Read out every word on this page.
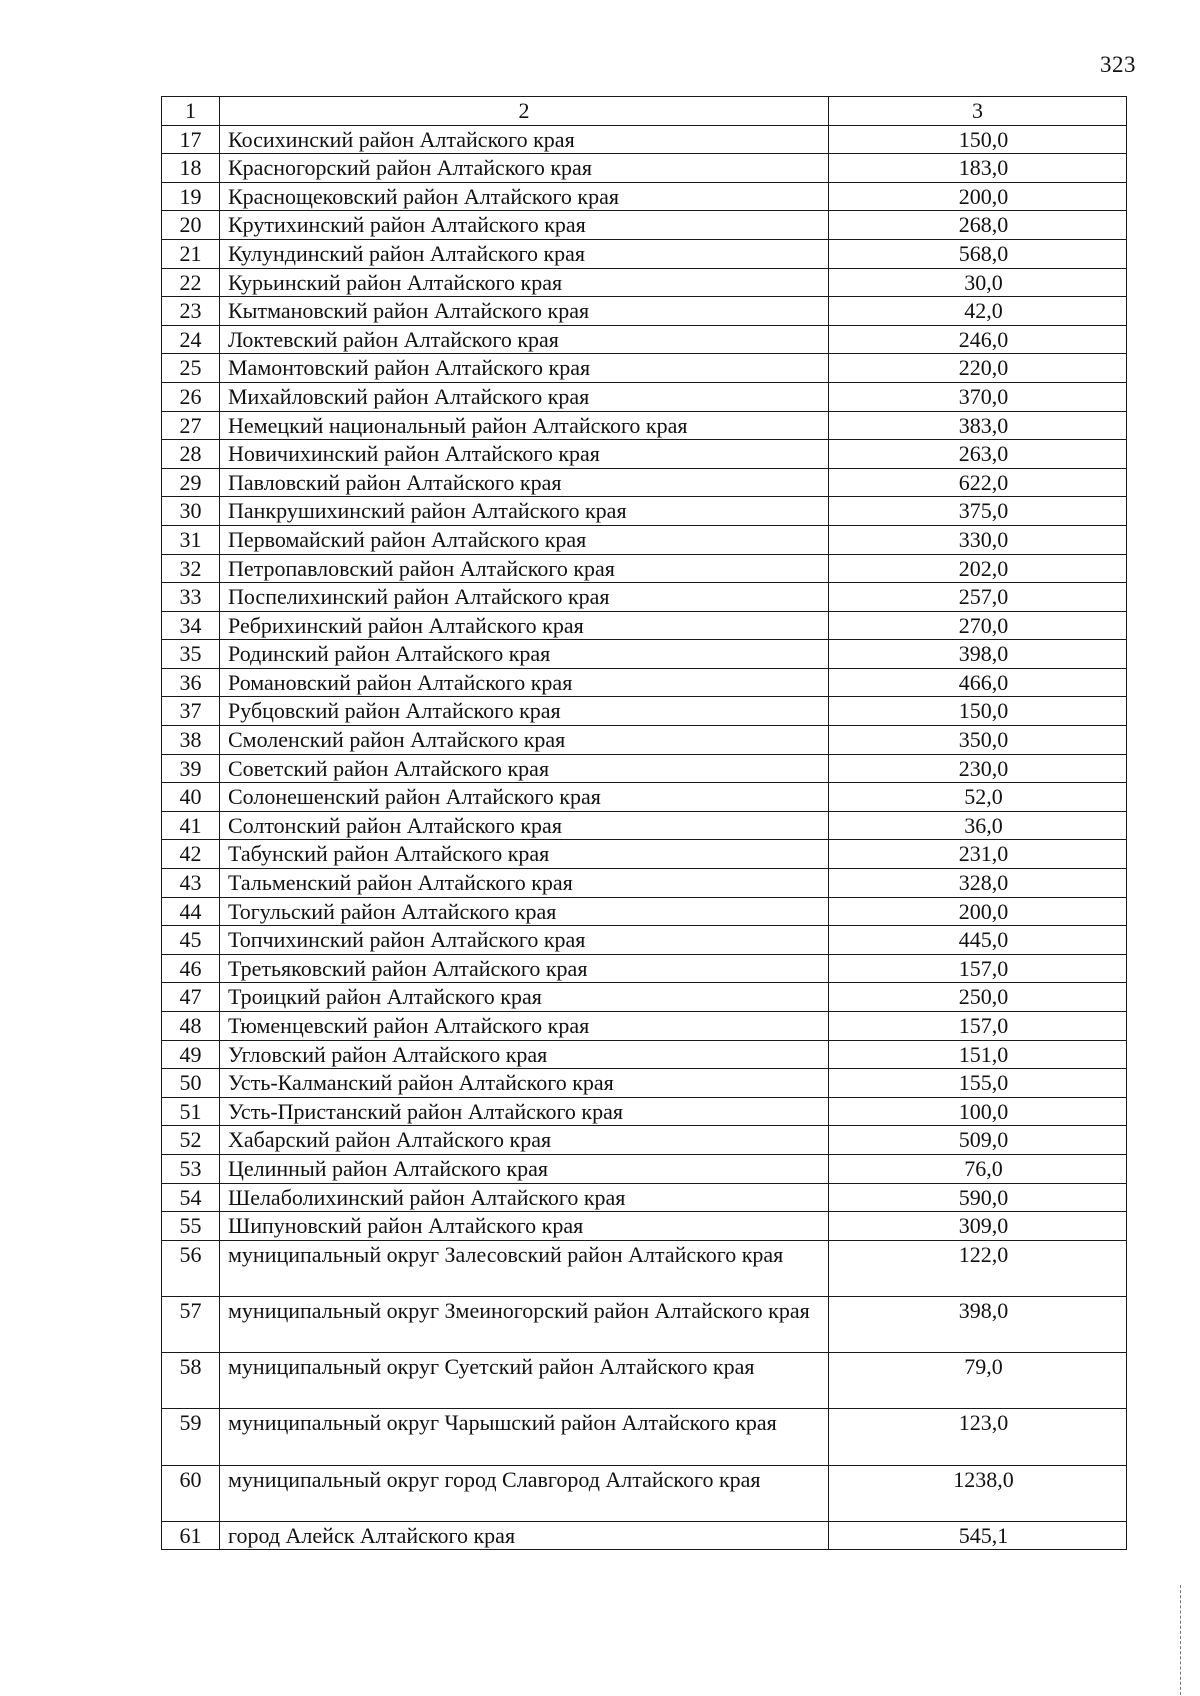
323
1	2	3
17	Косихинский район Алтайского края	150,0
18	Красногорский район Алтайского края	183,0
19	Краснощековский район Алтайского края	200,0
20	Крутихинский район Алтайского края	268,0
21	Кулундинский район Алтайского края	568,0
22	Курьинский район Алтайского края	30,0
23	Кытмановский район Алтайского края	42,0
24	Локтевский район Алтайского края	246,0
25	Мамонтовский район Алтайского края	220,0
26	Михайловский район Алтайского края	370,0
27	Немецкий национальный район Алтайского края	383,0
28	Новичихинский район Алтайского края	263,0
29	Павловский район Алтайского края	622,0
30	Панкрушихинский район Алтайского края	375,0
31	Первомайский район Алтайского края	330,0
32	Петропавловский район Алтайского края	202,0
33	Поспелихинский район Алтайского края	257,0
34	Ребрихинский район Алтайского края	270,0
35	Родинский район Алтайского края	398,0
36	Романовский район Алтайского края	466,0
37	Рубцовский район Алтайского края	150,0
38	Смоленский район Алтайского края	350,0
39	Советский район Алтайского края	230,0
40	Солонешенский район Алтайского края	52,0
41	Солтонский район Алтайского края	36,0
42	Табунский район Алтайского края	231,0
43	Тальменский район Алтайского края	328,0
44	Тогульский район Алтайского края	200,0
45	Топчихинский район Алтайского края	445,0
46	Третьяковский район Алтайского края	157,0
47	Троицкий район Алтайского края	250,0
48	Тюменцевский район Алтайского края	157,0
49	Угловский район Алтайского края	151,0
50	Усть-Калманский район Алтайского края	155,0
51	Усть-Пристанский район Алтайского края	100,0
52	Хабарский район Алтайского края	509,0
53	Целинный район Алтайского края	76,0
54	Шелаболихинский район Алтайского края	590,0
55	Шипуновский район Алтайского края	309,0
56	муниципальный округ Залесовский район Алтайского края	122,0
57	муниципальный округ Змеиногорский район Алтайского края	398,0
58	муниципальный округ Суетский район Алтайского края	79,0
59	муниципальный округ Чарышский район Алтайского края	123,0
60	муниципальный округ город Славгород Алтайского края	1238,0
61	город Алейск Алтайского края	545,1
